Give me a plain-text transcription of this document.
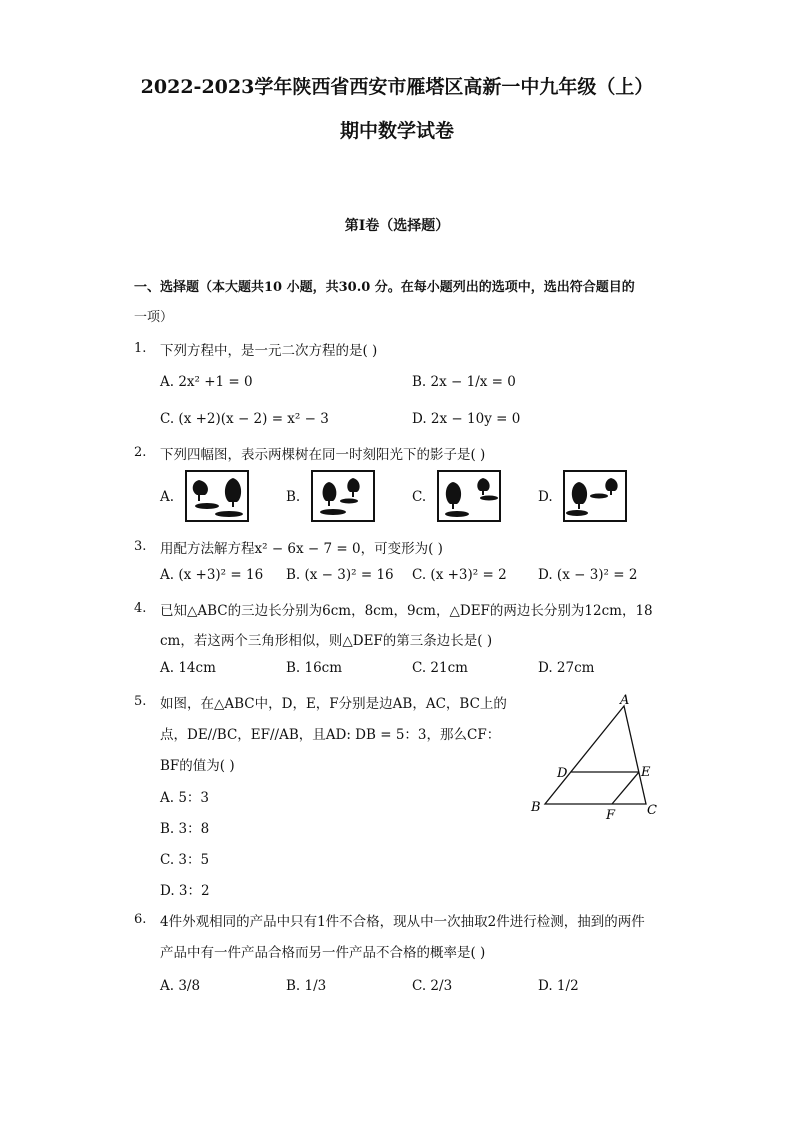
2022-2023学年陕西省西安市雁塔区高新一中九年级（上）
期中数学试卷
第I卷（选择题）
一、选择题（本大题共10 小题，共30.0 分。在每小题列出的选项中，选出符合题目的
一项）
1. 下列方程中，是一元二次方程的是( )
A. 2x² +1 = 0	B. 2x − 1/x = 0
C. (x +2)(x − 2) = x² − 3	D. 2x − 10y = 0
2. 下列四幅图，表示两棵树在同一时刻阳光下的影子是( )
A.	B.	C.	D.
3. 用配方法解方程x² − 6x − 7 = 0，可变形为( )
A. (x +3)² = 16 B. (x − 3)² = 16 C. (x +3)² = 2 D. (x − 3)² = 2
4. 已知△ABC的三边长分别为6cm，8cm，9cm，△DEF的两边长分别为12cm，18
cm，若这两个三角形相似，则△DEF的第三条边长是( )
A. 14cm	B. 16cm	C. 21cm	D. 27cm
5. 如图，在△ABC中，D，E，F分别是边AB，AC，BC上的
点，DE//BC，EF//AB，且AD: DB = 5：3，那么CF：
BF的值为( )
A. 5：3
B. 3：8
C. 3：5
D. 3：2
A
D	E
B
F C
6. 4件外观相同的产品中只有1件不合格，现从中一次抽取2件进行检测，抽到的两件
产品中有一件产品合格而另一件产品不合格的概率是( )
A. 3/8	B. 1/3	C. 2/3	D. 1/2
